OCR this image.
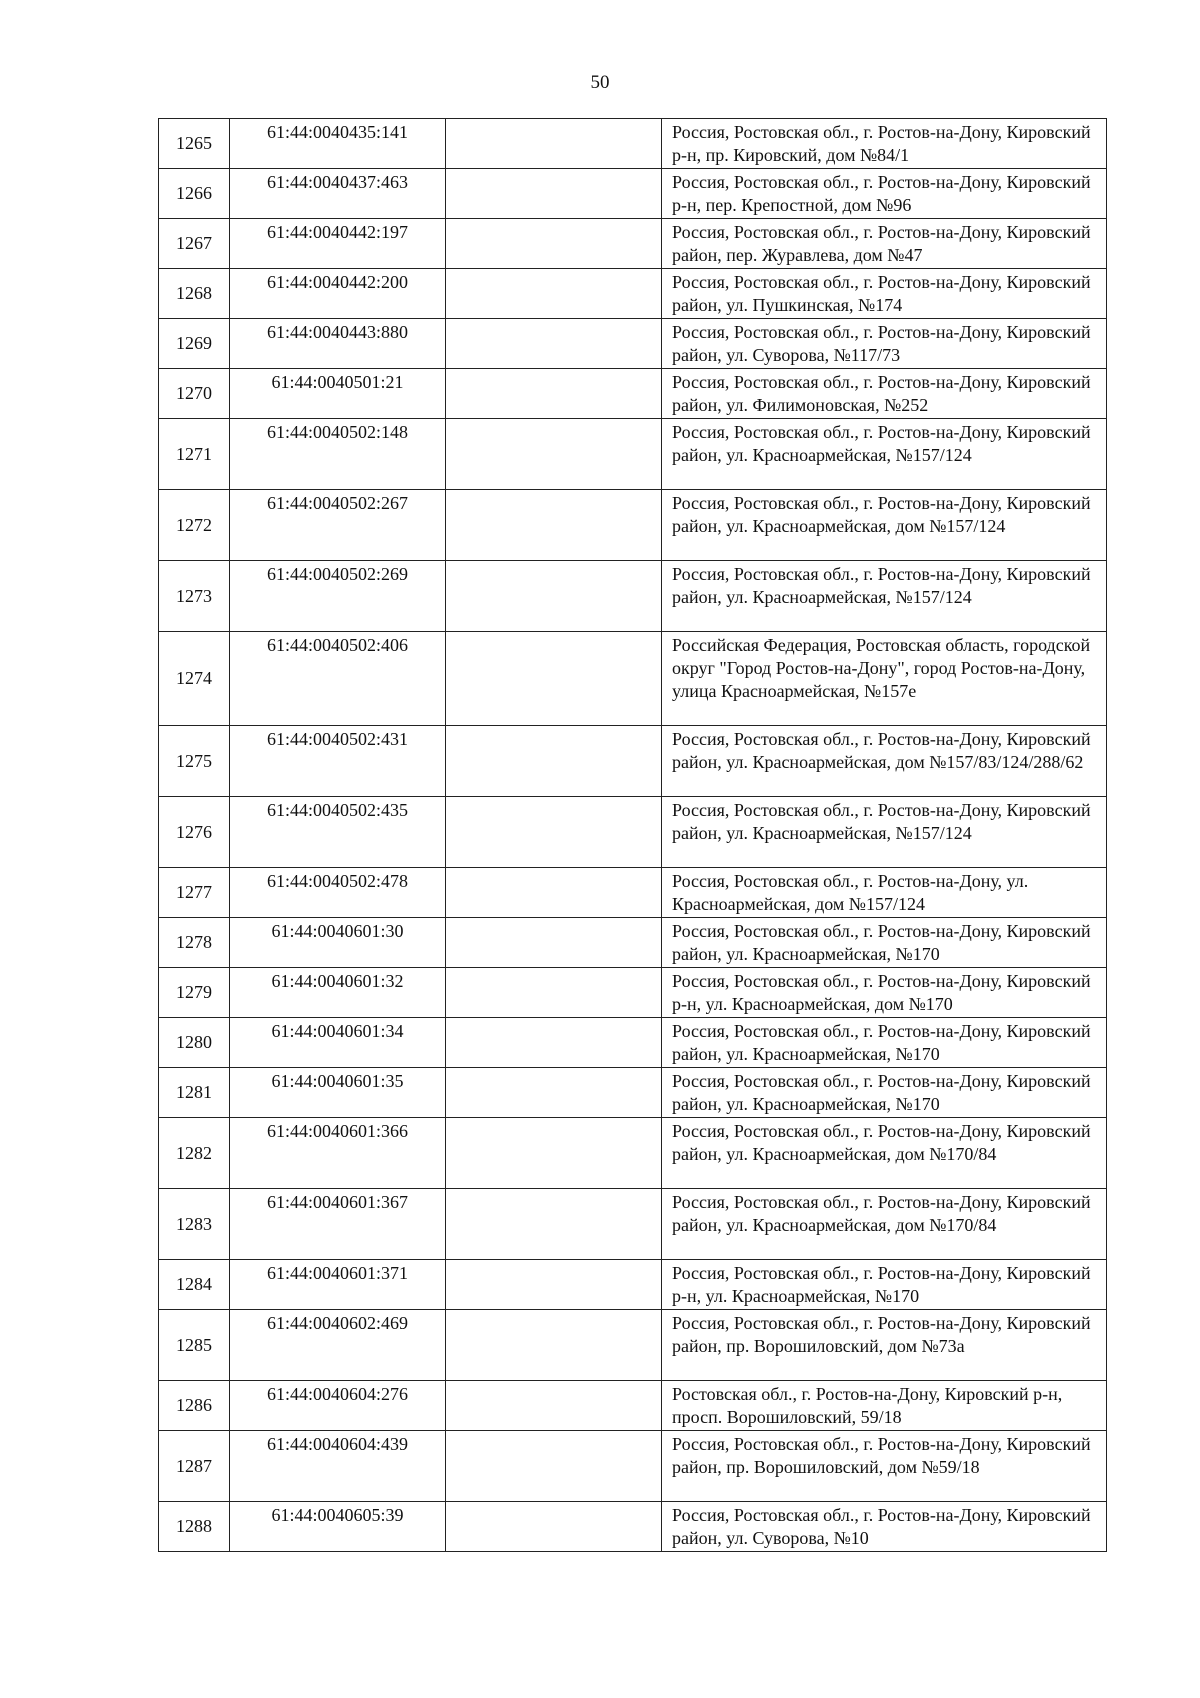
50
1265	61:44:0040435:141		Россия, Ростовская обл., г. Ростов-на-Дону, Кировский р-н, пр. Кировский, дом №84/1
1266	61:44:0040437:463		Россия, Ростовская обл., г. Ростов-на-Дону, Кировский р-н, пер. Крепостной, дом №96
1267	61:44:0040442:197		Россия, Ростовская обл., г. Ростов-на-Дону, Кировский район, пер. Журавлева, дом №47
1268	61:44:0040442:200		Россия, Ростовская обл., г. Ростов-на-Дону, Кировский район, ул. Пушкинская, №174
1269	61:44:0040443:880		Россия, Ростовская обл., г. Ростов-на-Дону, Кировский район, ул. Суворова, №117/73
1270	61:44:0040501:21		Россия, Ростовская обл., г. Ростов-на-Дону, Кировский район, ул. Филимоновская, №252
1271	61:44:0040502:148		Россия, Ростовская обл., г. Ростов-на-Дону, Кировский район, ул. Красноармейская, №157/124
1272	61:44:0040502:267		Россия, Ростовская обл., г. Ростов-на-Дону, Кировский район, ул. Красноармейская, дом №157/124
1273	61:44:0040502:269		Россия, Ростовская обл., г. Ростов-на-Дону, Кировский район, ул. Красноармейская, №157/124
1274	61:44:0040502:406		Российская Федерация, Ростовская область, городской округ "Город Ростов-на-Дону", город Ростов-на-Дону, улица Красноармейская, №157е
1275	61:44:0040502:431		Россия, Ростовская обл., г. Ростов-на-Дону, Кировский район, ул. Красноармейская, дом №157/83/124/288/62
1276	61:44:0040502:435		Россия, Ростовская обл., г. Ростов-на-Дону, Кировский район, ул. Красноармейская, №157/124
1277	61:44:0040502:478		Россия, Ростовская обл., г. Ростов-на-Дону, ул. Красноармейская, дом №157/124
1278	61:44:0040601:30		Россия, Ростовская обл., г. Ростов-на-Дону, Кировский район, ул. Красноармейская, №170
1279	61:44:0040601:32		Россия, Ростовская обл., г. Ростов-на-Дону, Кировский р-н, ул. Красноармейская, дом №170
1280	61:44:0040601:34		Россия, Ростовская обл., г. Ростов-на-Дону, Кировский район, ул. Красноармейская, №170
1281	61:44:0040601:35		Россия, Ростовская обл., г. Ростов-на-Дону, Кировский район, ул. Красноармейская, №170
1282	61:44:0040601:366		Россия, Ростовская обл., г. Ростов-на-Дону, Кировский район, ул. Красноармейская, дом №170/84
1283	61:44:0040601:367		Россия, Ростовская обл., г. Ростов-на-Дону, Кировский район, ул. Красноармейская, дом №170/84
1284	61:44:0040601:371		Россия, Ростовская обл., г. Ростов-на-Дону, Кировский р-н, ул. Красноармейская, №170
1285	61:44:0040602:469		Россия, Ростовская обл., г. Ростов-на-Дону, Кировский район, пр. Ворошиловский, дом №73а
1286	61:44:0040604:276		Ростовская обл., г. Ростов-на-Дону, Кировский р-н, просп. Ворошиловский, 59/18
1287	61:44:0040604:439		Россия, Ростовская обл., г. Ростов-на-Дону, Кировский район, пр. Ворошиловский, дом №59/18
1288	61:44:0040605:39		Россия, Ростовская обл., г. Ростов-на-Дону, Кировский район, ул. Суворова, №10
